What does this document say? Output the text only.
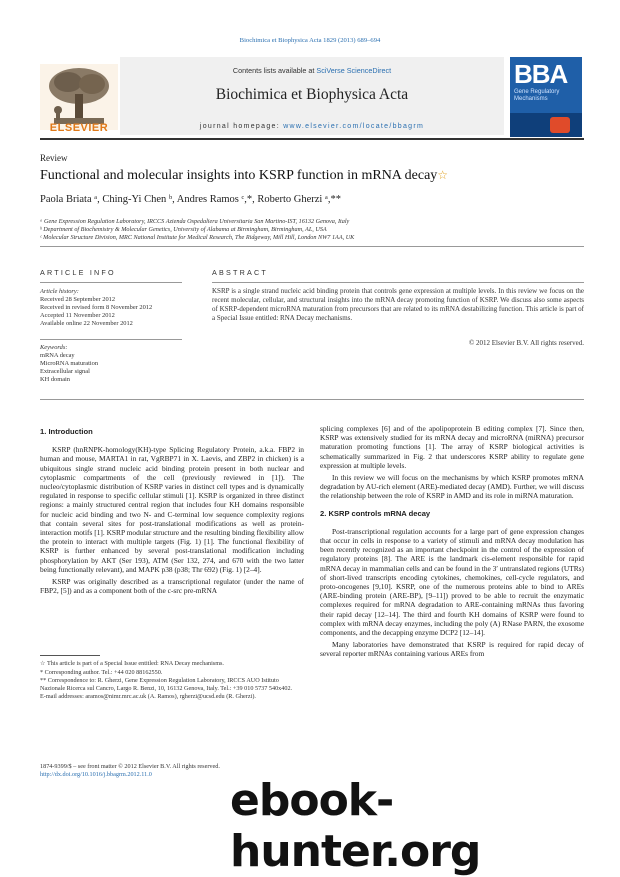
Biochimica et Biophysica Acta 1829 (2013) 689–694
Contents lists available at SciVerse ScienceDirect
Biochimica et Biophysica Acta
journal homepage: www.elsevier.com/locate/bbagrm
ELSEVIER
BBA
Gene Regulatory Mechanisms
Review
Functional and molecular insights into KSRP function in mRNA decay☆
Paola Briata ᵃ, Ching-Yi Chen ᵇ, Andres Ramos ᶜ,*, Roberto Gherzi ᵃ,**
ᵃ Gene Expression Regulation Laboratory, IRCCS Azienda Ospedaliera Universitaria San Martino-IST, 16132 Genova, Italy
ᵇ Department of Biochemistry & Molecular Genetics, University of Alabama at Birmingham, Birmingham, AL, USA
ᶜ Molecular Structure Division, MRC National Institute for Medical Research, The Ridgeway, Mill Hill, London NW7 1AA, UK
ARTICLE INFO	ABSTRACT
Article history:
Received 28 September 2012
Received in revised form 8 November 2012
Accepted 11 November 2012
Available online 22 November 2012
Keywords:
mRNA decay
MicroRNA maturation
Extracellular signal
KH domain
KSRP is a single strand nucleic acid binding protein that controls gene expression at multiple levels. In this review we focus on the recent molecular, cellular, and structural insights into the mRNA decay promoting function of KSRP. We discuss also some aspects of KSRP-dependent microRNA maturation from precursors that are related to its mRNA destabilizing function. This article is part of a Special Issue entitled: RNA Decay mechanisms.
© 2012 Elsevier B.V. All rights reserved.
1. Introduction

KSRP (hnRNPK-homology(KH)-type Splicing Regulatory Protein, a.k.a. FBP2 in human and mouse, MARTA1 in rat, VgRBP71 in X. Laevis, and ZBP2 in chicken) is a ubiquitous single strand nucleic acid binding protein present in both nuclear and cytoplasmic compartments of the cell (previously reviewed in [1]). The nucleo/cytoplasmic distribution of KSRP varies in distinct cell types and is dynamically regulated in response to specific cellular stimuli [1]. KSRP is organized in three distinct regions: a mainly structured central region that includes four KH domains responsible for nucleic acid binding and two N- and C-terminal low sequence complexity regions that contain several sites for post-translational modifications as well as protein-interaction motifs [1]. KSRP modular structure and the resulting binding flexibility allow the protein to interact with multiple targets (Fig. 1) [1]. The functional flexibility of KSRP is further enhanced by several post-translational modification including phosphorylation by AKT (Ser 193), ATM (Ser 132, 274, and 670 with the two latter being functionally relevant), and MAPK p38 (p38; Thr 692) (Fig. 1) [2–4].

KSRP was originally described as a transcriptional regulator (under the name of FBP2, [5]) and as a component both of the c-src pre-mRNA

splicing complexes [6] and of the apolipoprotein B editing complex [7]. Since then, KSRP was extensively studied for its mRNA decay and microRNA (miRNA) precursor maturation promoting functions [1]. The array of KSRP biological activities is schematically summarized in Fig. 2 that underscores KSRP ability to regulate gene expression at multiple levels.

In this review we will focus on the mechanisms by which KSRP promotes mRNA degradation by AU-rich element (ARE)-mediated decay (AMD). Further, we will discuss the relationship between the role of KSRP in AMD and its role in miRNA maturation.

2. KSRP controls mRNA decay

Post-transcriptional regulation accounts for a large part of gene expression changes that occur in cells in response to a variety of stimuli and mRNA decay modulation has been recently recognized as an important checkpoint in the control of the expression of regulatory proteins [8]. The ARE is the landmark cis-element responsible for rapid mRNA decay in mammalian cells and can be found in the 3′ untranslated regions (UTRs) of short-lived transcripts encoding cytokines, chemokines, cell-cycle regulators, and proto-oncogenes [9,10]. KSRP, one of the numerous proteins able to bind to AREs (ARE-binding protein (ARE-BP), [9–11]) proved to be able to recruit the enzymatic complexes required for mRNA degradation to ARE-containing mRNAs thus favoring their rapid decay [12–14]. The third and fourth KH domains of KSRP were found to complex with mRNA decay enzymes, including the poly (A) RNase PARN, the exosome components, and the decapping enzyme DCP2 [12–14].

Many laboratories have demonstrated that KSRP is required for rapid decay of several reporter mRNAs containing various AREs from

☆ This article is part of a Special Issue entitled: RNA Decay mechanisms.
* Corresponding author. Tel.: +44 020 88162550.
** Correspondence to: R. Gherzi, Gene Expression Regulation Laboratory, IRCCS AUO Istituto Nazionale Ricerca sul Cancro, Largo R. Benzi, 10, 16132 Genova, Italy. Tel.: +39 010 5737 540x402.
E-mail addresses: aramos@nimr.mrc.ac.uk (A. Ramos), rgherzi@ucsd.edu (R. Gherzi).
1874-9399/$ – see front matter © 2012 Elsevier B.V. All rights reserved.
http://dx.doi.org/10.1016/j.bbagrm.2012.11.0
ebook-hunter.org
